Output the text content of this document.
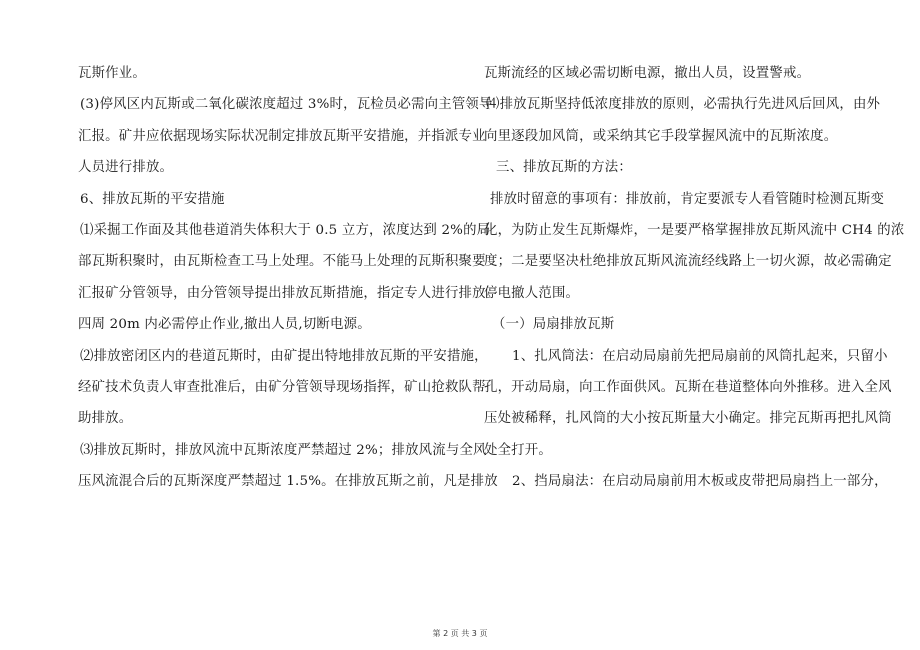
瓦斯作业。
(3)停风区内瓦斯或二氧化碳浓度超过 3%时，瓦检员必需向主管领导
汇报。矿井应依据现场实际状况制定排放瓦斯平安措施，并指派专业
人员进行排放。
6、排放瓦斯的平安措施
⑴采掘工作面及其他巷道消失体积大于 0.5 立方，浓度达到 2%的局
部瓦斯积聚时，由瓦斯检查工马上处理。不能马上处理的瓦斯积聚要
汇报矿分管领导，由分管领导提出排放瓦斯措施，指定专人进行排放。
四周 20m 内必需停止作业,撤出人员,切断电源。
⑵排放密闭区内的巷道瓦斯时，由矿提出特地排放瓦斯的平安措施，
经矿技术负责人审查批准后，由矿分管领导现场指挥，矿山抢救队帮
助排放。
⑶排放瓦斯时，排放风流中瓦斯浓度严禁超过 2%；排放风流与全风
压风流混合后的瓦斯深度严禁超过 1.5%。在排放瓦斯之前，凡是排放
瓦斯流经的区域必需切断电源，撤出人员，设置警戒。
⑷排放瓦斯坚持低浓度排放的原则，必需执行先进风后回风，由外
向里逐段加风筒，或采纳其它手段掌握风流中的瓦斯浓度。
三、排放瓦斯的方法：
排放时留意的事项有：排放前，肯定要派专人看管随时检测瓦斯变
化，为防止发生瓦斯爆炸，一是要严格掌握排放瓦斯风流中 CH4 的浓
度；二是要坚决杜绝排放瓦斯风流流经线路上一切火源，故必需确定
停电撤人范围。
（一）局扇排放瓦斯
1、扎风筒法：在启动局扇前先把局扇前的风筒扎起来，只留小
孔，开动局扇，向工作面供风。瓦斯在巷道整体向外推移。进入全风
压处被稀释，扎风筒的大小按瓦斯量大小确定。排完瓦斯再把扎风筒
处全打开。
2、挡局扇法：在启动局扇前用木板或皮带把局扇挡上一部分，
第 2 页 共 3 页
